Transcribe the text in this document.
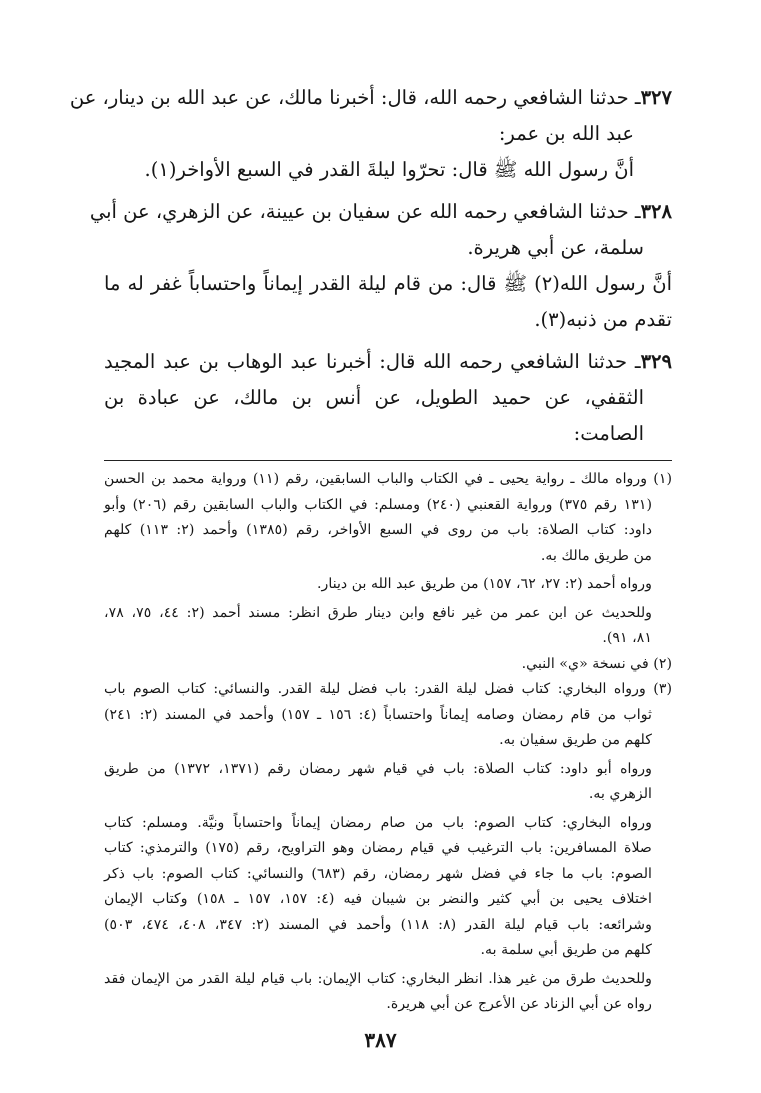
٣٢٧ـ حدثنا الشافعي رحمه الله، قال: أخبرنا مالك، عن عبد الله بن دينار، عن
عبد الله بن عمر:
أنَّ رسول الله ﷺ قال: تحرّوا ليلةَ القدر في السبع الأواخر(١).
٣٢٨ـ حدثنا الشافعي رحمه الله عن سفيان بن عيينة، عن الزهري، عن أبي
سلمة، عن أبي هريرة.
أنَّ رسول الله(٢) ﷺ قال: من قام ليلة القدر إيماناً واحتساباً غفر له ما
تقدم من ذنبه(٣).
٣٢٩ـ حدثنا الشافعي رحمه الله قال: أخبرنا عبد الوهاب بن عبد المجيد
الثقفي، عن حميد الطويل، عن أنس بن مالك، عن عبادة بن
الصامت:
(١) ورواه مالك ـ رواية يحيى ـ في الكتاب والباب السابقين، رقم (١١) ورواية محمد بن الحسن
(١٣١ رقم ٣٧٥) ورواية القعنبي (٢٤٠) ومسلم: في الكتاب والباب السابقين رقم (٢٠٦) وأبو
داود: كتاب الصلاة: باب من روى في السبع الأواخر، رقم (١٣٨٥) وأحمد (٢: ١١٣) كلهم
من طريق مالك به.
ورواه أحمد (٢: ٢٧، ٦٢، ١٥٧) من طريق عبد الله بن دينار.
وللحديث عن ابن عمر من غير نافع وابن دينار طرق انظر: مسند أحمد (٢: ٤٤، ٧٥، ٧٨،
٨١، ٩١).
(٢) في نسخة «ي» النبي.
(٣) ورواه البخاري: كتاب فضل ليلة القدر: باب فضل ليلة القدر. والنسائي: كتاب الصوم باب
ثواب من قام رمضان وصامه إيماناً واحتساباً (٤: ١٥٦ ـ ١٥٧) وأحمد في المسند (٢: ٢٤١)
كلهم من طريق سفيان به.
ورواه أبو داود: كتاب الصلاة: باب في قيام شهر رمضان رقم (١٣٧١، ١٣٧٢) من طريق
الزهري به.
ورواه البخاري: كتاب الصوم: باب من صام رمضان إيماناً واحتساباً ونيَّة. ومسلم: كتاب
صلاة المسافرين: باب الترغيب في قيام رمضان وهو التراويح، رقم (١٧٥) والترمذي: كتاب
الصوم: باب ما جاء في فضل شهر رمضان، رقم (٦٨٣) والنسائي: كتاب الصوم: باب ذكر
اختلاف يحيى بن أبي كثير والنضر بن شيبان فيه (٤: ١٥٧، ١٥٧ ـ ١٥٨) وكتاب الإيمان
وشرائعه: باب قيام ليلة القدر (٨: ١١٨) وأحمد في المسند (٢: ٣٤٧، ٤٠٨، ٤٧٤، ٥٠٣)
كلهم من طريق أبي سلمة به.
وللحديث طرق من غير هذا. انظر البخاري: كتاب الإيمان: باب قيام ليلة القدر من الإيمان فقد
رواه عن أبي الزناد عن الأعرج عن أبي هريرة.
٣٨٧
